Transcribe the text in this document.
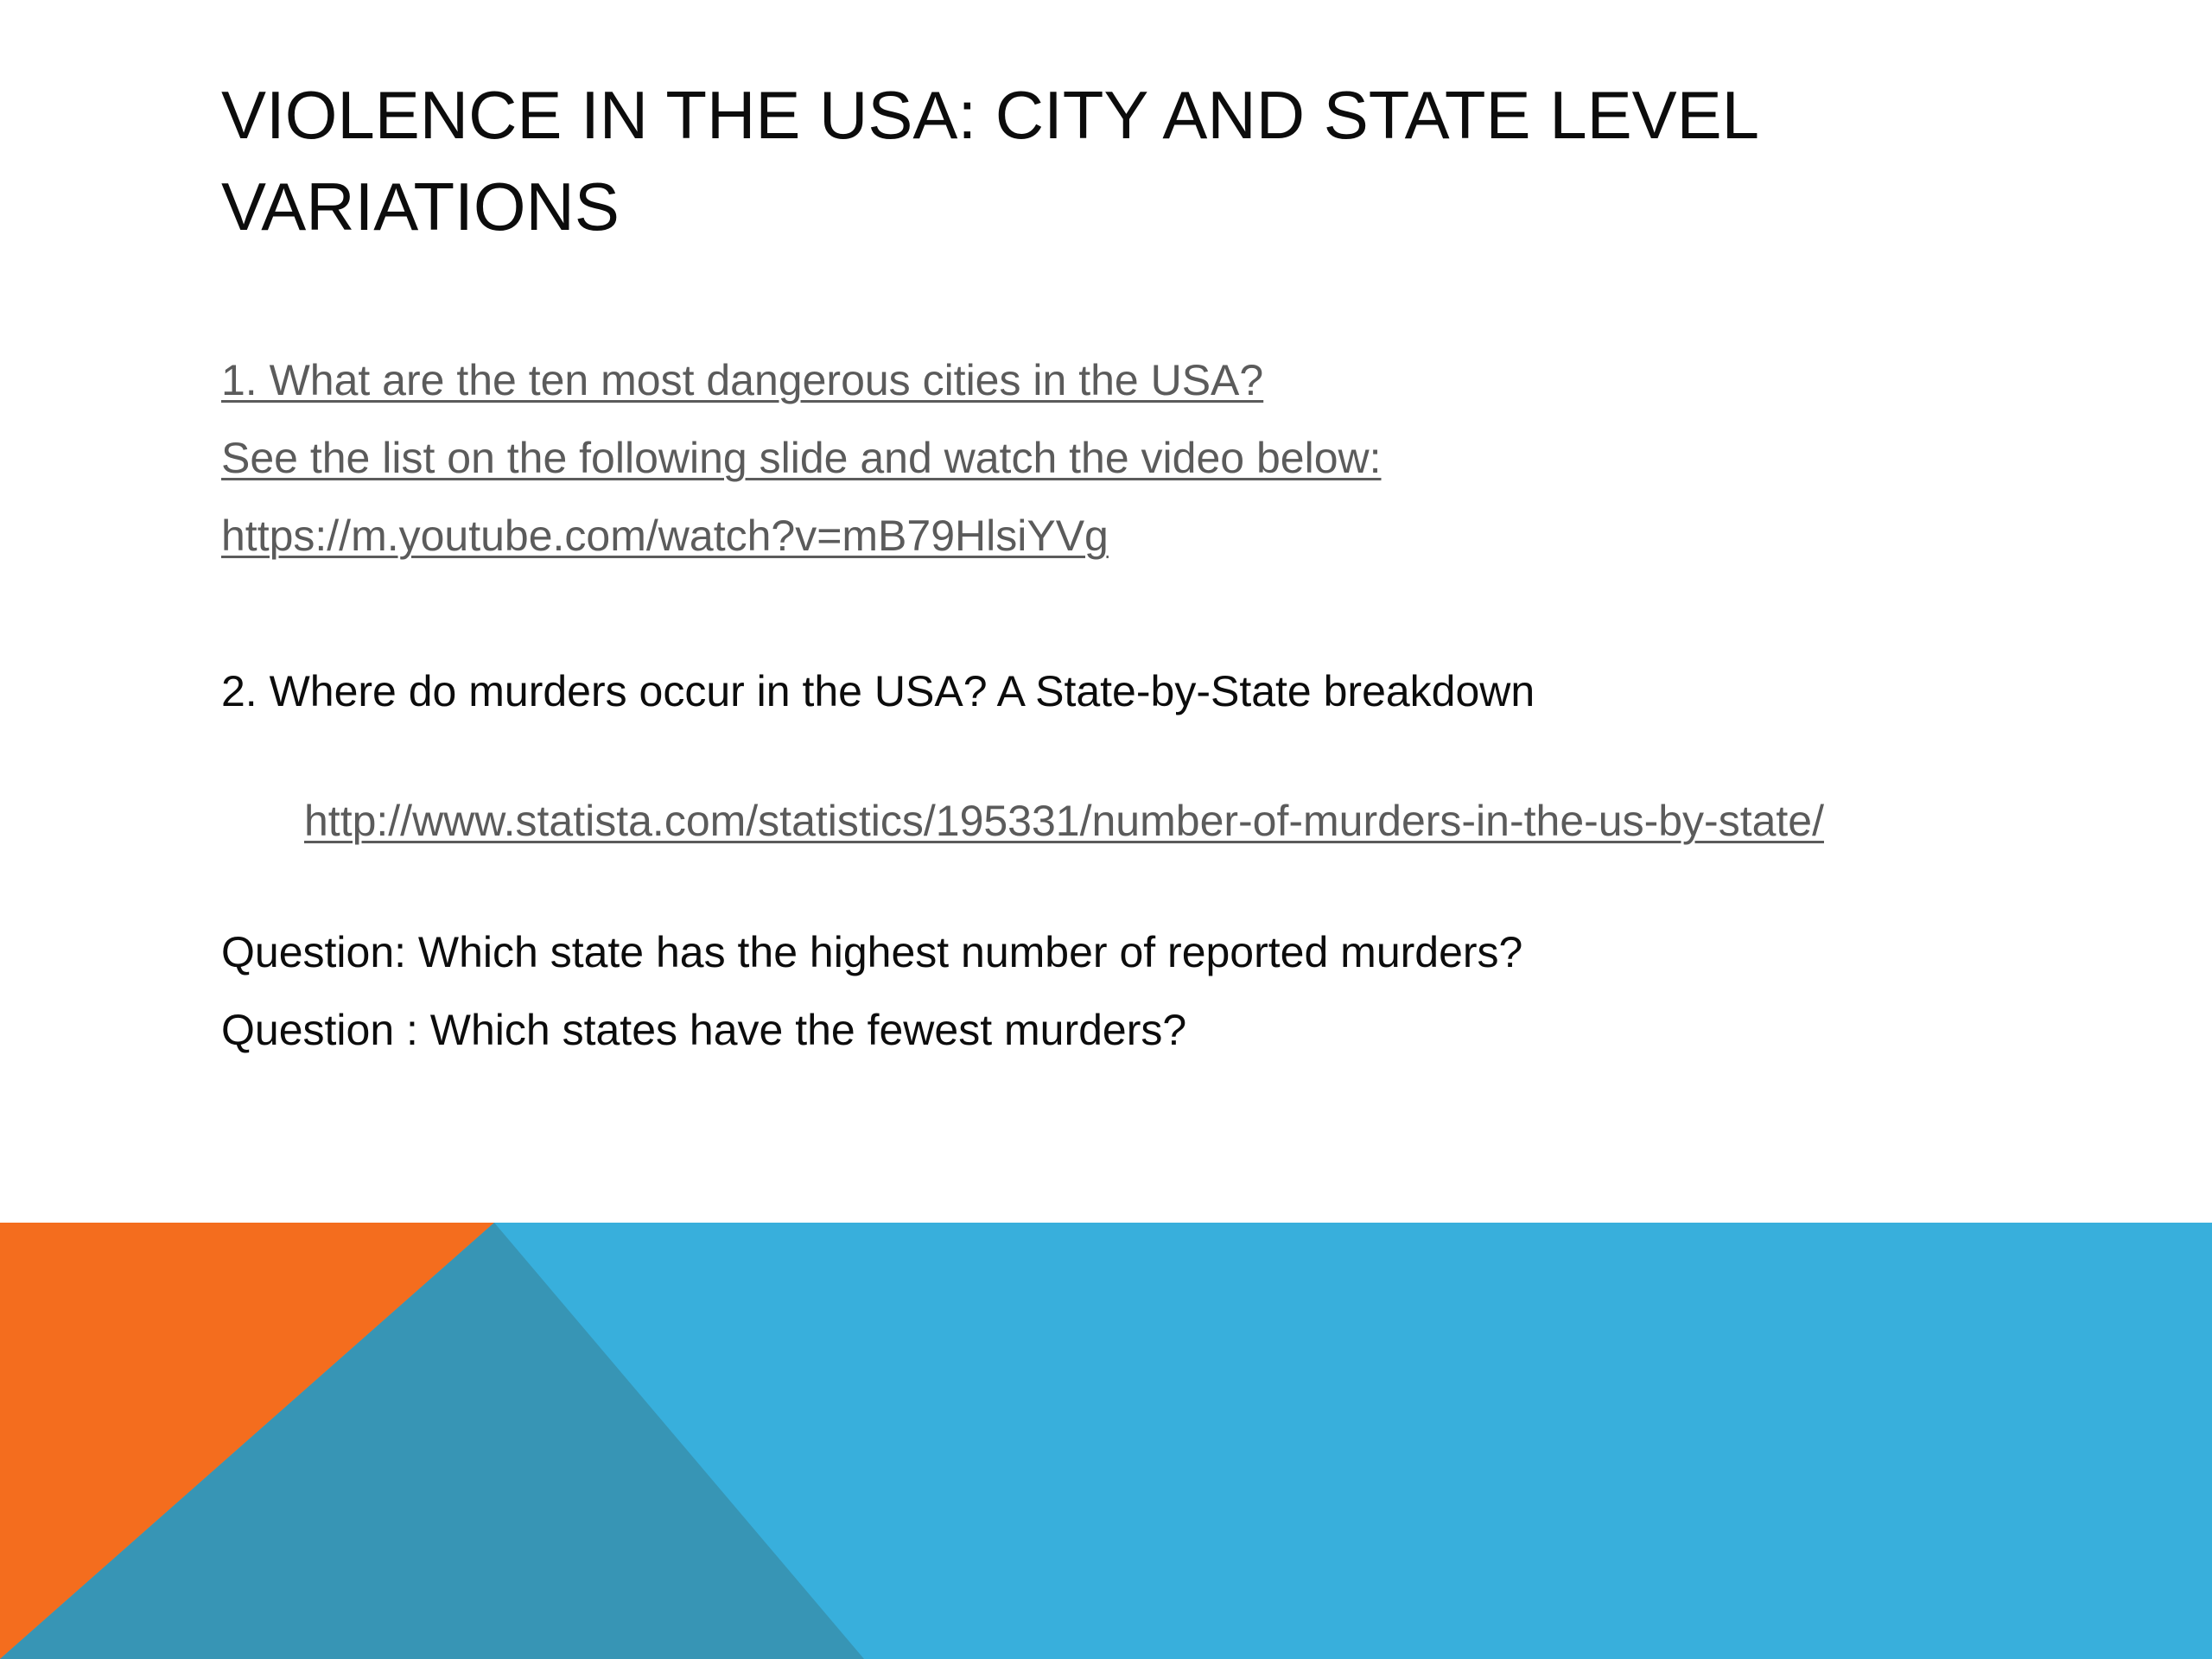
VIOLENCE IN THE USA: CITY AND STATE LEVEL VARIATIONS
1. What are the ten most dangerous cities in the USA?
See the list on the following slide and watch the video below:
https://m.youtube.com/watch?v=mB79HlsiYVg
2. Where do murders occur in the USA? A State-by-State breakdown
http://www.statista.com/statistics/195331/number-of-murders-in-the-us-by-state/
Question: Which state has the highest number of reported murders?
Question : Which states have the fewest murders?
